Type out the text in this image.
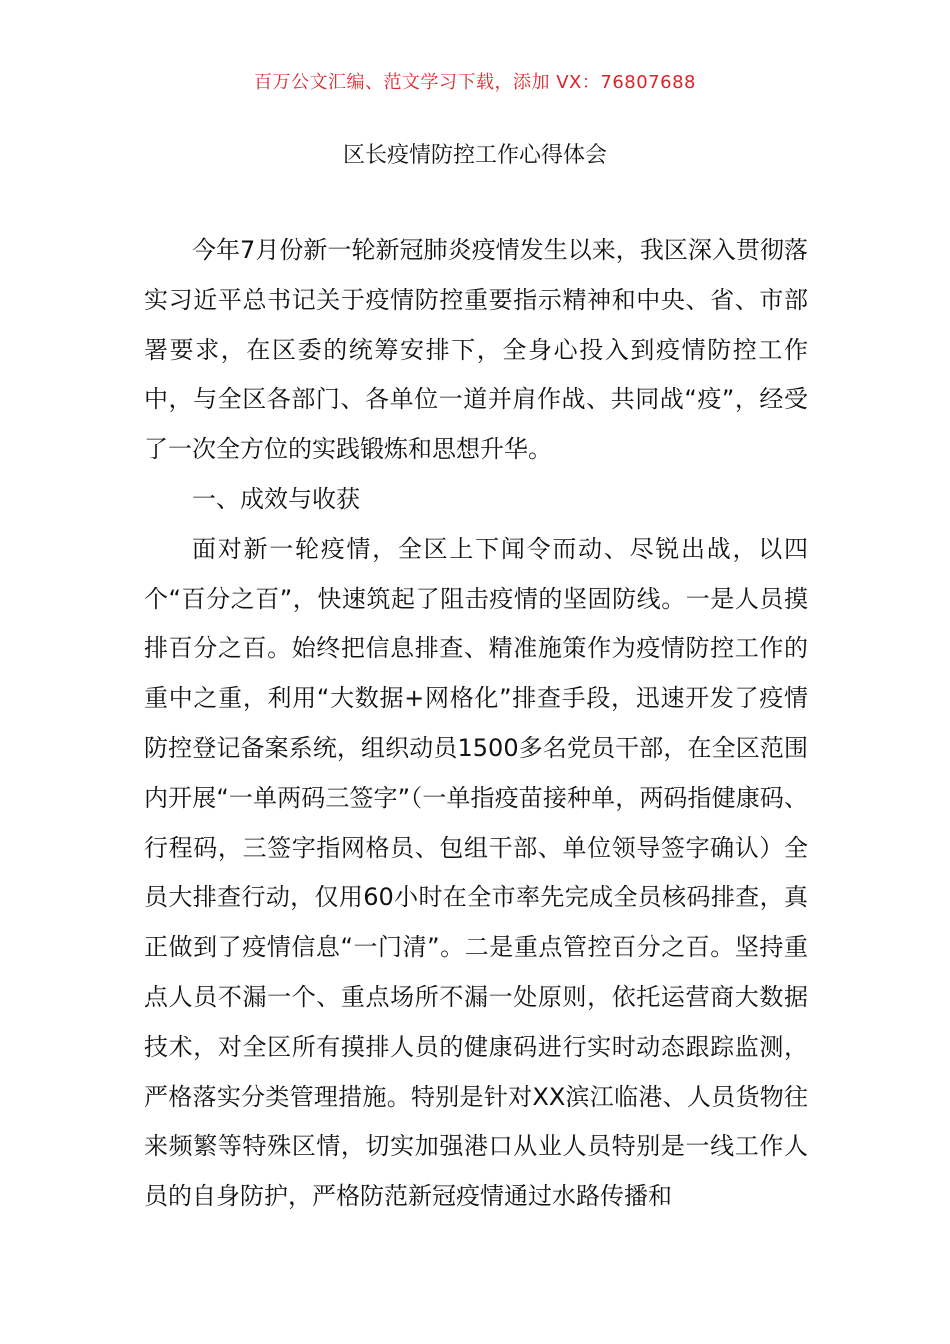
百万公文汇编、范文学习下载，添加 VX：76807688
区长疫情防控工作心得体会

今年7月份新一轮新冠肺炎疫情发生以来，我区深入贯彻落实习近平总书记关于疫情防控重要指示精神和中央、省、市部署要求，在区委的统筹安排下，全身心投入到疫情防控工作中，与全区各部门、各单位一道并肩作战、共同战“疫”，经受了一次全方位的实践锻炼和思想升华。

一、成效与收获

面对新一轮疫情，全区上下闻令而动、尽锐出战，以四个“百分之百”，快速筑起了阻击疫情的坚固防线。一是人员摸排百分之百。始终把信息排查、精准施策作为疫情防控工作的重中之重，利用“大数据+网格化”排查手段，迅速开发了疫情防控登记备案系统，组织动员1500多名党员干部，在全区范围内开展“一单两码三签字”（一单指疫苗接种单，两码指健康码、行程码，三签字指网格员、包组干部、单位领导签字确认）全员大排查行动，仅用60小时在全市率先完成全员核码排查，真正做到了疫情信息“一门清”。二是重点管控百分之百。坚持重点人员不漏一个、重点场所不漏一处原则，依托运营商大数据技术，对全区所有摸排人员的健康码进行实时动态跟踪监测，严格落实分类管理措施。特别是针对XX滨江临港、人员货物往来频繁等特殊区情，切实加强港口从业人员特别是一线工作人员的自身防护，严格防范新冠疫情通过水路传播和
